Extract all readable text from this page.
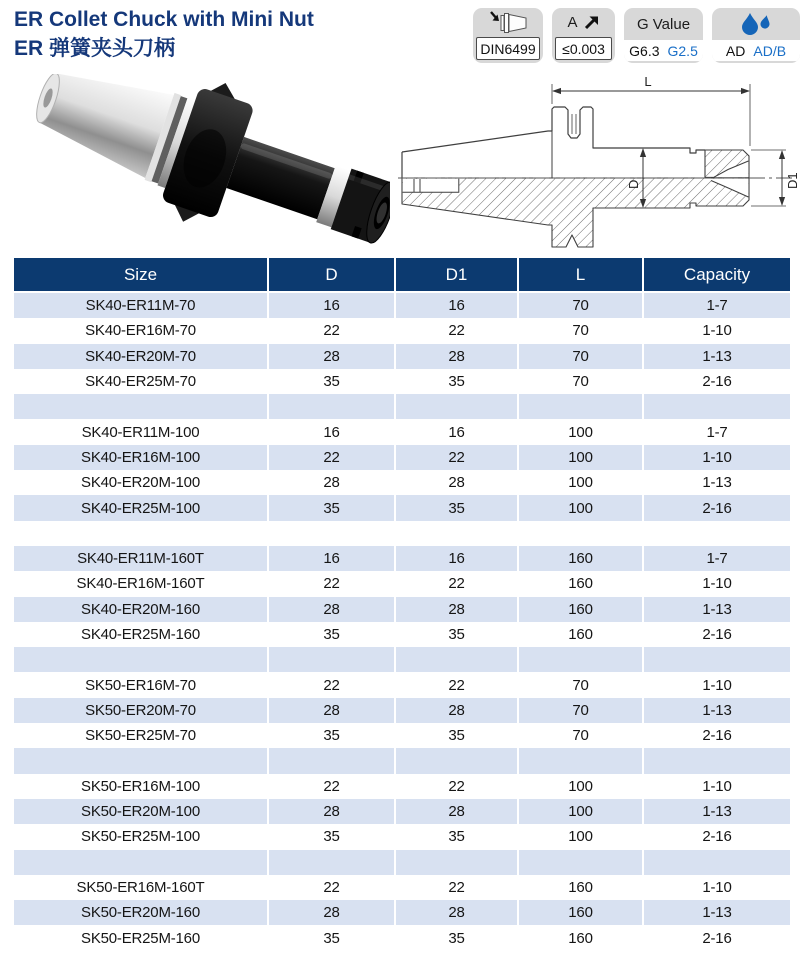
ER Collet Chuck with Mini Nut
ER 弹簧夹头刀柄	DIN6499
A
≤0.003
G Value
G6.3 G2.5 AD AD/B
L
D	D1
Size	D	D1	L	Capacity
SK40-ER11M-70	16	16	70	1-7
SK40-ER16M-70	22	22	70	1-10
SK40-ER20M-70	28	28	70	1-13
SK40-ER25M-70	35	35	70	2-16

SK40-ER11M-100	16	16	100	1-7
SK40-ER16M-100	22	22	100	1-10
SK40-ER20M-100	28	28	100	1-13
SK40-ER25M-100	35	35	100	2-16

SK40-ER11M-160T	16	16	160	1-7
SK40-ER16M-160T	22	22	160	1-10
SK40-ER20M-160	28	28	160	1-13
SK40-ER25M-160	35	35	160	2-16

SK50-ER16M-70	22	22	70	1-10
SK50-ER20M-70	28	28	70	1-13
SK50-ER25M-70	35	35	70	2-16

SK50-ER16M-100	22	22	100	1-10
SK50-ER20M-100	28	28	100	1-13
SK50-ER25M-100	35	35	100	2-16

SK50-ER16M-160T	22	22	160	1-10
SK50-ER20M-160	28	28	160	1-13
SK50-ER25M-160	35	35	160	2-16
